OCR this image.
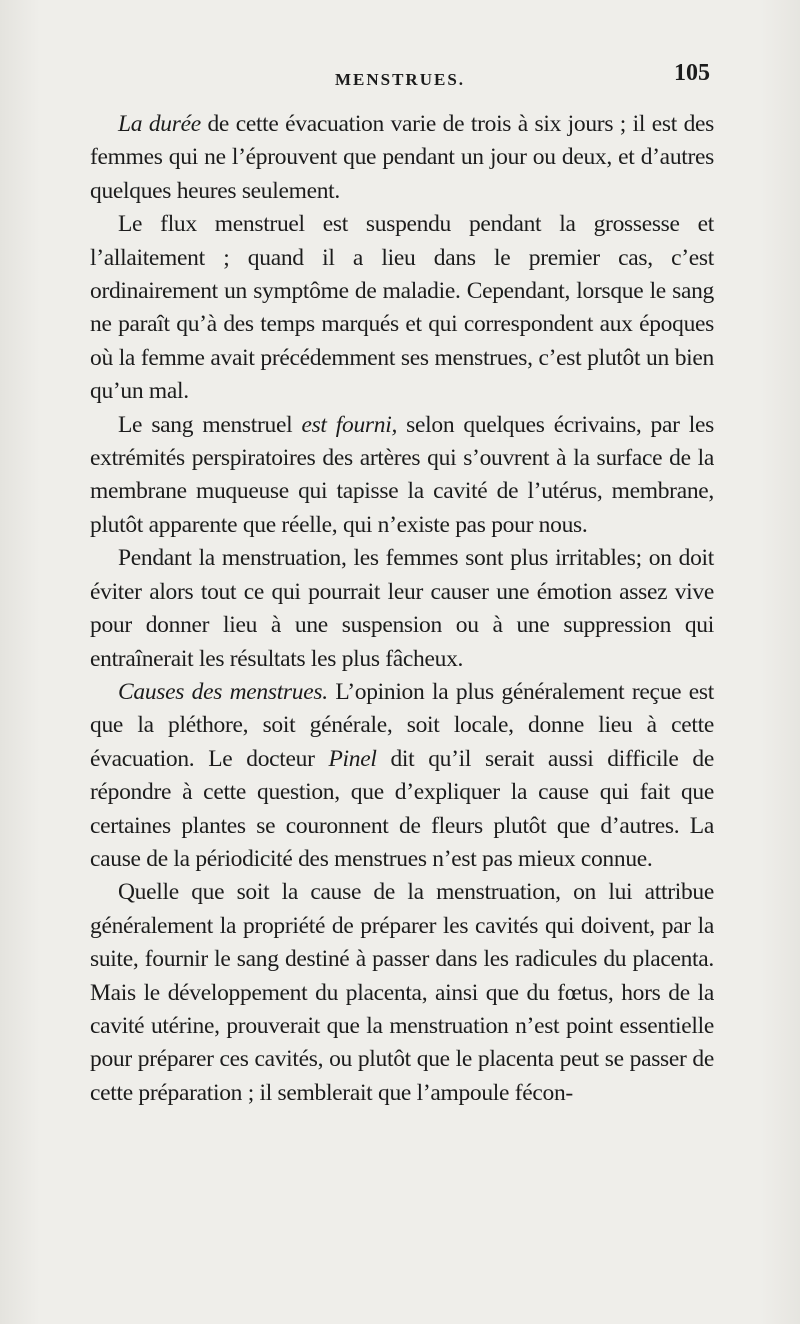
MENSTRUES.	105

La durée de cette évacuation varie de trois à six jours ; il est des femmes qui ne l’éprouvent que pendant un jour ou deux, et d’autres quelques heures seulement.

Le flux menstruel est suspendu pendant la grossesse et l’allaitement ; quand il a lieu dans le premier cas, c’est ordinairement un symptôme de maladie. Cependant, lorsque le sang ne paraît qu’à des temps marqués et qui correspondent aux époques où la femme avait précédemment ses menstrues, c’est plutôt un bien qu’un mal.

Le sang menstruel est fourni, selon quelques écrivains, par les extrémités perspiratoires des artères qui s’ouvrent à la surface de la membrane muqueuse qui tapisse la cavité de l’utérus, membrane, plutôt apparente que réelle, qui n’existe pas pour nous.

Pendant la menstruation, les femmes sont plus irritables; on doit éviter alors tout ce qui pourrait leur causer une émotion assez vive pour donner lieu à une suspension ou à une suppression qui entraînerait les résultats les plus fâcheux.

Causes des menstrues. L’opinion la plus généralement reçue est que la pléthore, soit générale, soit locale, donne lieu à cette évacuation. Le docteur Pinel dit qu’il serait aussi difficile de répondre à cette question, que d’expliquer la cause qui fait que certaines plantes se couronnent de fleurs plutôt que d’autres. La cause de la périodicité des menstrues n’est pas mieux connue.

Quelle que soit la cause de la menstruation, on lui attribue généralement la propriété de préparer les cavités qui doivent, par la suite, fournir le sang destiné à passer dans les radicules du placenta. Mais le développement du placenta, ainsi que du fœtus, hors de la cavité utérine, prouverait que la menstruation n’est point essentielle pour préparer ces cavités, ou plutôt que le placenta peut se passer de cette préparation ; il semblerait que l’ampoule fécon-
